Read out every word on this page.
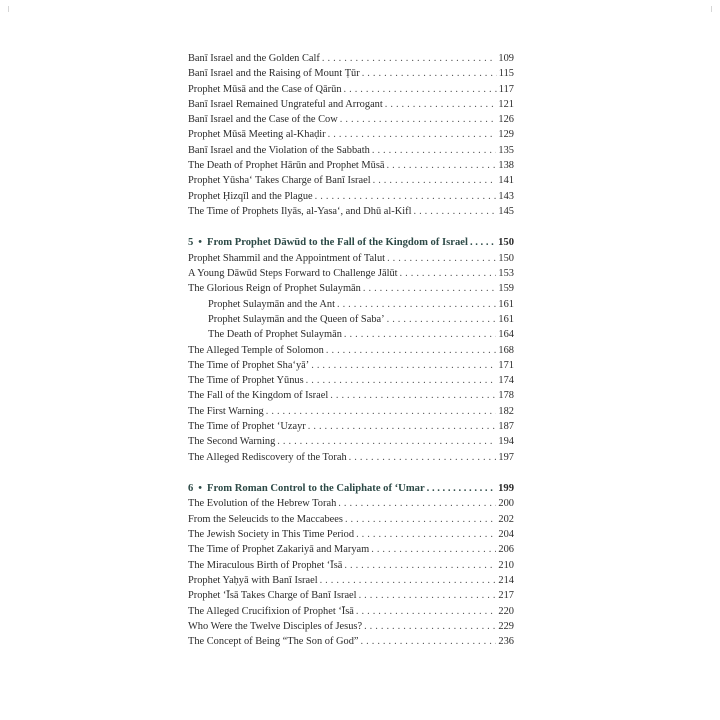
Banī Israel and the Golden Calf . . .	109
Banī Israel and the Raising of Mount Ṭūr . . .	115
Prophet Mūsā and the Case of Qārūn . . .	117
Banī Israel Remained Ungrateful and Arrogant . . .	121
Banī Israel and the Case of the Cow . . .	126
Prophet Mūsā Meeting al-Khaḍir . . .	129
Banī Israel and the Violation of the Sabbath . . .	135
The Death of Prophet Hārūn and Prophet Mūsā . . .	138
Prophet Yūsha‘ Takes Charge of Banī Israel . . .	141
Prophet Ḥizqīl and the Plague . . .	143
The Time of Prophets Ilyās, al-Yasa‘, and Dhū al-Kifl . . .	145
5 • From Prophet Dāwūd to the Fall of the Kingdom of Israel . . .	150
Prophet Shammil and the Appointment of Talut . . .	150
A Young Dāwūd Steps Forward to Challenge Jālūt . . .	153
The Glorious Reign of Prophet Sulaymān . . .	159
Prophet Sulaymān and the Ant . . .	161
Prophet Sulaymān and the Queen of Saba’ . . .	161
The Death of Prophet Sulaymān . . .	164
The Alleged Temple of Solomon . . .	168
The Time of Prophet Sha‘yā’ . . .	171
The Time of Prophet Yūnus . . .	174
The Fall of the Kingdom of Israel . . .	178
The First Warning . . .	182
The Time of Prophet ‘Uzayr . . .	187
The Second Warning . . .	194
The Alleged Rediscovery of the Torah . . .	197
6 • From Roman Control to the Caliphate of ‘Umar . . .	199
The Evolution of the Hebrew Torah . . .	200
From the Seleucids to the Maccabees . . .	202
The Jewish Society in This Time Period . . .	204
The Time of Prophet Zakariyā and Maryam . . .	206
The Miraculous Birth of Prophet ‘Īsā . . .	210
Prophet Yaḥyā with Banī Israel . . .	214
Prophet ‘Īsā Takes Charge of Banī Israel . . .	217
The Alleged Crucifixion of Prophet ‘Īsā . . .	220
Who Were the Twelve Disciples of Jesus? . . .	229
The Concept of Being “The Son of God” . . .	236
